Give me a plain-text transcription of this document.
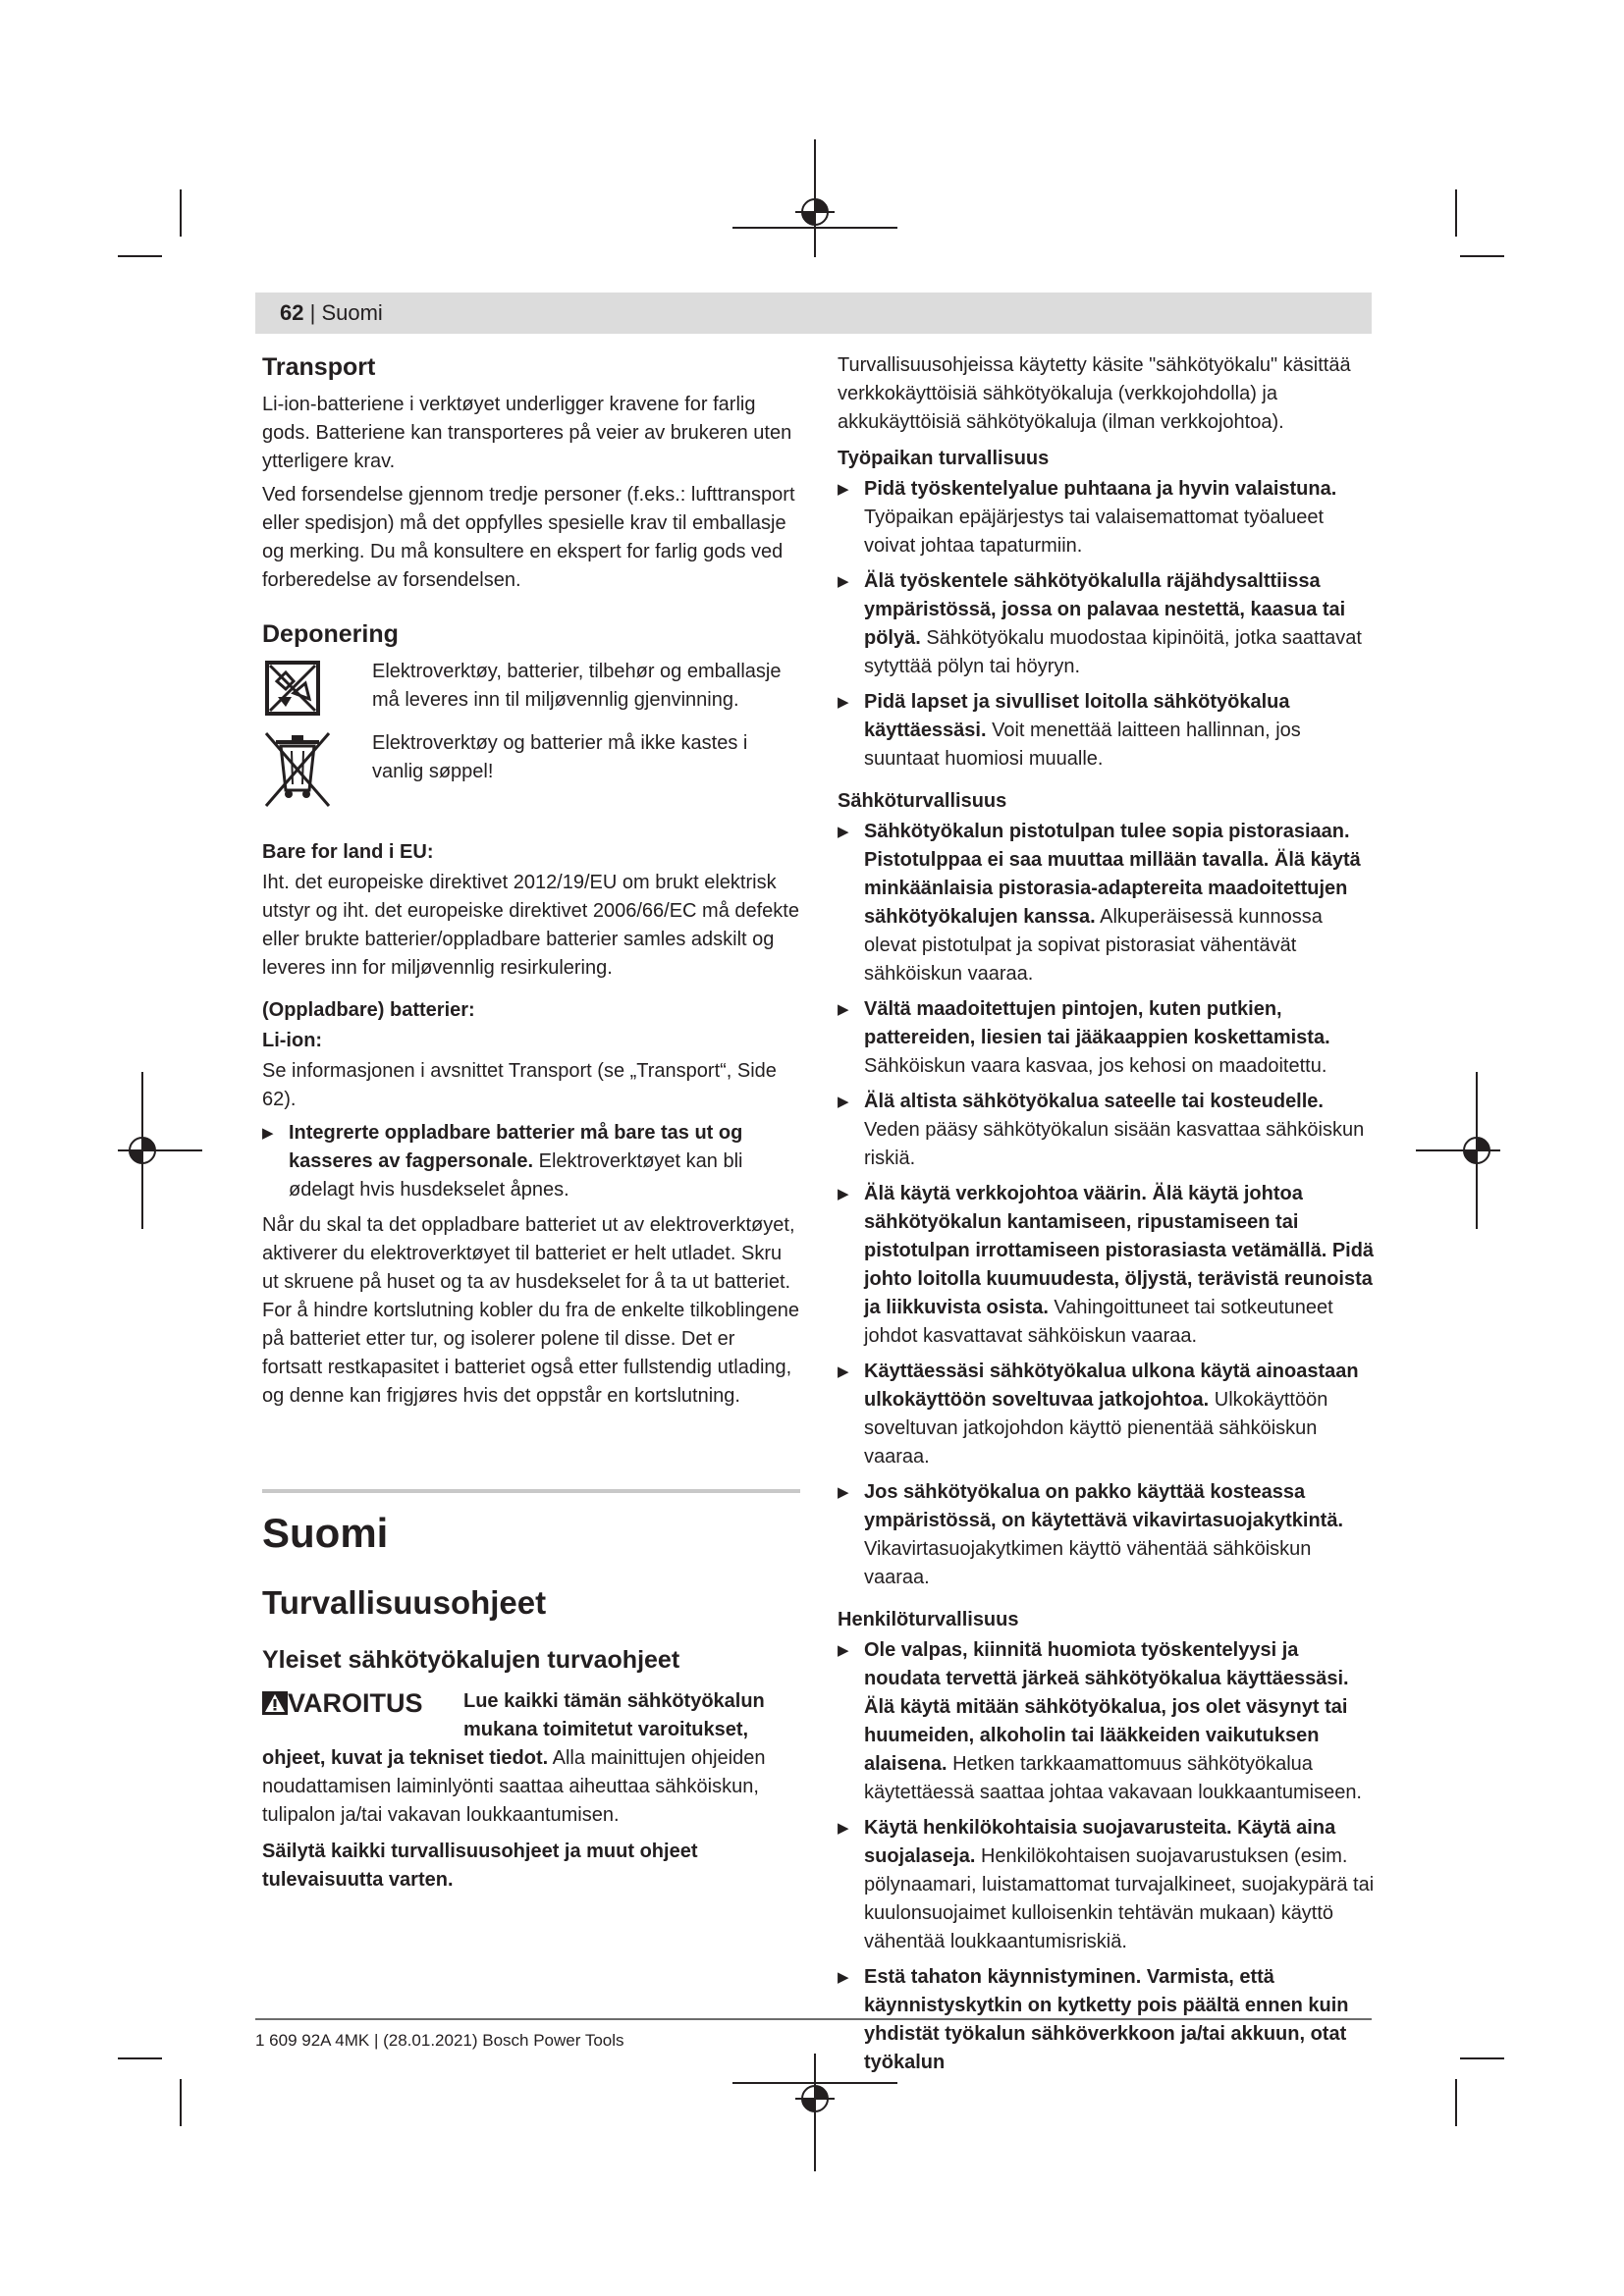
62 | Suomi
Transport

Li-ion-batteriene i verktøyet underligger kravene for farlig gods. Batteriene kan transporteres på veier av brukeren uten ytterligere krav.

Ved forsendelse gjennom tredje personer (f.eks.: lufttransport eller spedisjon) må det oppfylles spesielle krav til emballasje og merking. Du må konsultere en ekspert for farlig gods ved forberedelse av forsendelsen.

Deponering
Elektroverktøy, batterier, tilbehør og emballasje må leveres inn til miljøvennlig gjenvinning.
Elektroverktøy og batterier må ikke kastes i vanlig søppel!
Bare for land i EU:

Iht. det europeiske direktivet 2012/19/EU om brukt elektrisk utstyr og iht. det europeiske direktivet 2006/66/EC må defekte eller brukte batterier/oppladbare batterier samles adskilt og leveres inn for miljøvennlig resirkulering.

(Oppladbare) batterier:
Li-ion:

Se informasjonen i avsnittet Transport (se „Transport“, Side 62).

▶ Integrerte oppladbare batterier må bare tas ut og kasseres av fagpersonale. Elektroverktøyet kan bli ødelagt hvis husdekselet åpnes.

Når du skal ta det oppladbare batteriet ut av elektroverktøyet, aktiverer du elektroverktøyet til batteriet er helt utladet. Skru ut skruene på huset og ta av husdekselet for å ta ut batteriet. For å hindre kortslutning kobler du fra de enkelte tilkoblingene på batteriet etter tur, og isolerer polene til disse. Det er fortsatt restkapasitet i batteriet også etter fullstendig utlading, og denne kan frigjøres hvis det oppstår en kortslutning.

Suomi
Turvallisuusohjeet
Yleiset sähkötyökalujen turvaohjeet
VAROITUS	Lue kaikki tämän sähkötyökalun mukana toimitetut varoitukset, ohjeet, kuvat ja tekniset tiedot. Alla mainittujen ohjeiden noudattamisen laiminlyönti saattaa aiheuttaa sähköiskun, tulipalon ja/tai vakavan loukkaantumisen.

Säilytä kaikki turvallisuusohjeet ja muut ohjeet tulevaisuutta varten.

Turvallisuusohjeissa käytetty käsite "sähkötyökalu" käsittää verkkokäyttöisiä sähkötyökaluja (verkkojohdolla) ja akkukäyttöisiä sähkötyökaluja (ilman verkkojohtoa).

Työpaikan turvallisuus
▶ Pidä työskentelyalue puhtaana ja hyvin valaistuna. Työpaikan epäjärjestys tai valaisemattomat työalueet voivat johtaa tapaturmiin.
▶ Älä työskentele sähkötyökalulla räjähdysalttiissa ympäristössä, jossa on palavaa nestettä, kaasua tai pölyä. Sähkötyökalu muodostaa kipinöitä, jotka saattavat sytyttää pölyn tai höyryn.
▶ Pidä lapset ja sivulliset loitolla sähkötyökalua käyttäessäsi. Voit menettää laitteen hallinnan, jos suuntaat huomiosi muualle.
Sähköturvallisuus
▶ Sähkötyökalun pistotulpan tulee sopia pistorasiaan. Pistotulppaa ei saa muuttaa millään tavalla. Älä käytä minkäänlaisia pistorasia-adaptereita maadoitettujen sähkötyökalujen kanssa. Alkuperäisessä kunnossa olevat pistotulpat ja sopivat pistorasiat vähentävät sähköiskun vaaraa.
▶ Vältä maadoitettujen pintojen, kuten putkien, pattereiden, liesien tai jääkaappien koskettamista. Sähköiskun vaara kasvaa, jos kehosi on maadoitettu.
▶ Älä altista sähkötyökalua sateelle tai kosteudelle. Veden pääsy sähkötyökalun sisään kasvattaa sähköiskun riskiä.
▶ Älä käytä verkkojohtoa väärin. Älä käytä johtoa sähkötyökalun kantamiseen, ripustamiseen tai pistotulpan irrottamiseen pistorasiasta vetämällä. Pidä johto loitolla kuumuudesta, öljystä, terävistä reunoista ja liikkuvista osista. Vahingoittuneet tai sotkeutuneet johdot kasvattavat sähköiskun vaaraa.
▶ Käyttäessäsi sähkötyökalua ulkona käytä ainoastaan ulkokäyttöön soveltuvaa jatkojohtoa. Ulkokäyttöön soveltuvan jatkojohdon käyttö pienentää sähköiskun vaaraa.
▶ Jos sähkötyökalua on pakko käyttää kosteassa ympäristössä, on käytettävä vikavirtasuojakytkintä. Vikavirtasuojakytkimen käyttö vähentää sähköiskun vaaraa.
Henkilöturvallisuus
▶ Ole valpas, kiinnitä huomiota työskentelyysi ja noudata tervettä järkeä sähkötyökalua käyttäessäsi. Älä käytä mitään sähkötyökalua, jos olet väsynyt tai huumeiden, alkoholin tai lääkkeiden vaikutuksen alaisena. Hetken tarkkaamattomuus sähkötyökalua käytettäessä saattaa johtaa vakavaan loukkaantumiseen.
▶ Käytä henkilökohtaisia suojavarusteita. Käytä aina suojalaseja. Henkilökohtaisen suojavarustuksen (esim. pölynaamari, luistamattomat turvajalkineet, suojakypärä tai kuulonsuojaimet kulloisenkin tehtävän mukaan) käyttö vähentää loukkaantumisriskiä.
▶ Estä tahaton käynnistyminen. Varmista, että käynnistyskytkin on kytketty pois päältä ennen kuin yhdistät työkalun sähköverkkoon ja/tai akkuun, otat työkalun
1 609 92A 4MK | (28.01.2021) Bosch Power Tools
